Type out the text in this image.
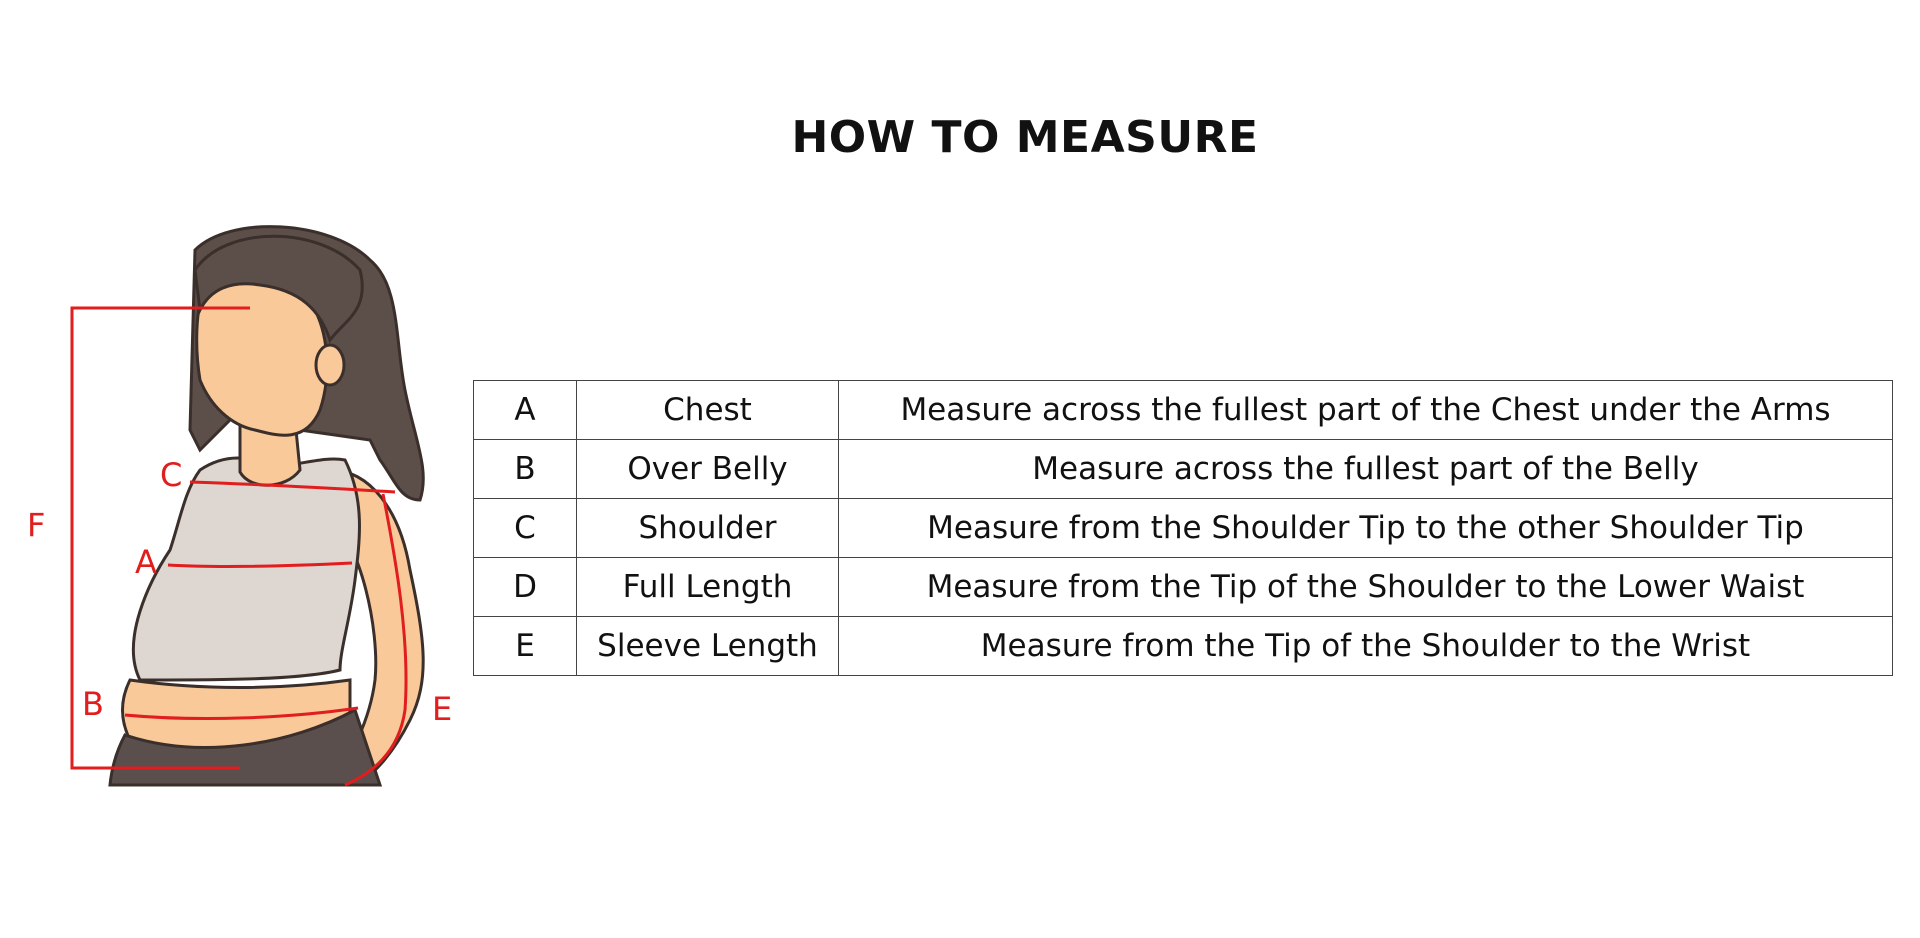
HOW TO MEASURE
F
C
A
B	E
A	Chest	Measure across the fullest part of the Chest under the Arms
B	Over Belly	Measure across the fullest part of the Belly
C	Shoulder	Measure from the Shoulder Tip to the other Shoulder Tip
D	Full Length	Measure from the Tip of the Shoulder to the Lower Waist
E	Sleeve Length	Measure from the Tip of the Shoulder to the Wrist
